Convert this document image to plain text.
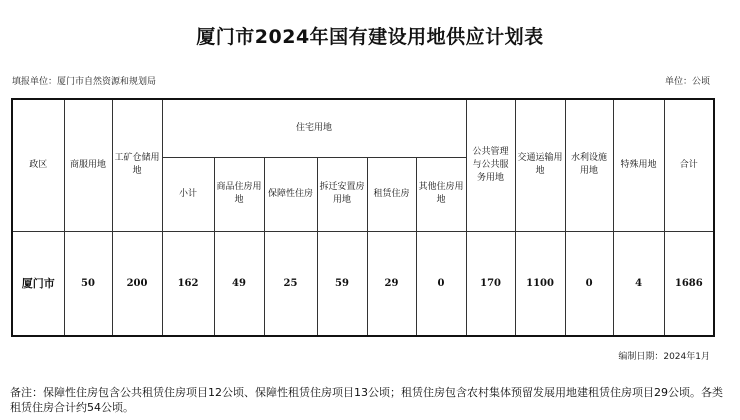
厦门市2024年国有建设用地供应计划表
填报单位：厦门市自然资源和规划局	单位：公顷
政区	商服用地	工矿仓储用地	住宅用地						公共管理与公共服务用地	交通运输用地	水利设施用地	特殊用地	合计
			小计	商品住房用地	保障性住房	拆迁安置房用地	租赁住房	其他住房用地					
厦门市	50	200	162	49	25	59	29	0	170	1100	0	4	1686
编制日期：2024年1月
备注：保障性住房包含公共租赁住房项目12公顷、保障性租赁住房项目13公顷；租赁住房包含农村集体预留发展用地建租赁住房项目29公顷。各类租赁住房合计约54公顷。
